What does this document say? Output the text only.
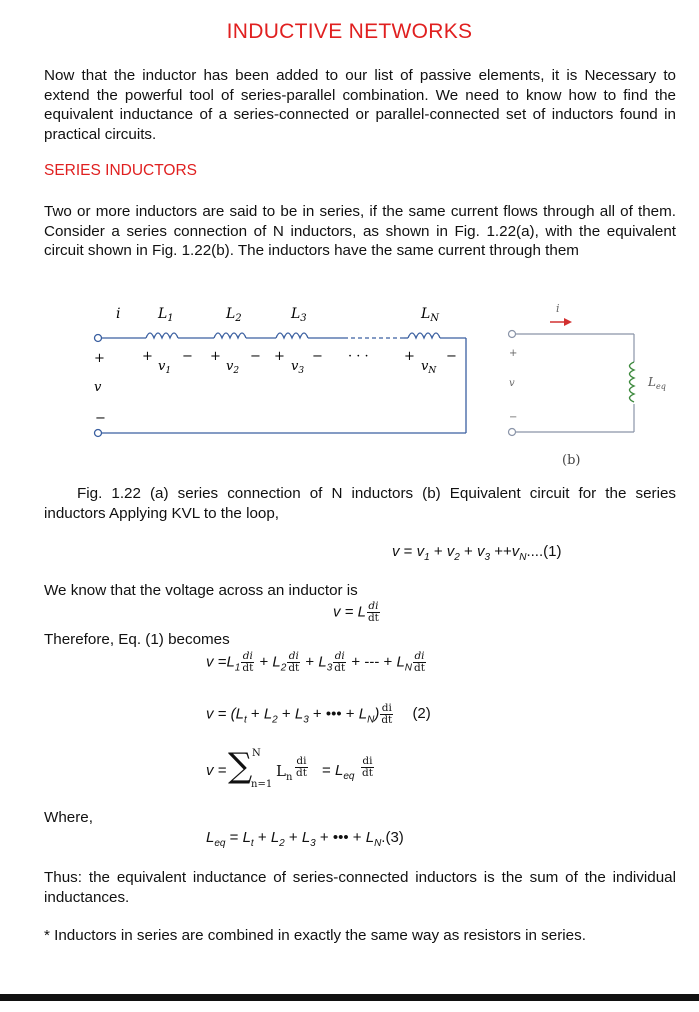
INDUCTIVE NETWORKS
Now that the inductor has been added to our list of passive elements, it is Necessary to extend the powerful tool of series-parallel combination. We need to know how to find the equivalent inductance of a series-connected or parallel-connected set of inductors found in practical circuits.
SERIES INDUCTORS
Two or more inductors are said to be in series, if the same current flows through all of them. Consider a series connection of N inductors, as shown in Fig. 1.22(a), with the equivalent circuit shown in Fig. 1.22(b). The inductors have the same current through them
i	$L_1$	$L_2$	$L_3$	$L_N$
+	+ − + − + − · · ·	+ −
−
$v_1$	$v_2$	$v_3$	$v_N$
v
i
+
v
−
$L_{eq}$
(b)
Fig. 1.22 (a) series connection of N inductors (b) Equivalent circuit for the series inductors Applying KVL to the loop,
$v = v_1 + v_2 + v_3 ++v_N....(1)$
We know that the voltage across an inductor is
v = L $\frac{di}{dt}$
Therefore, Eq. (1) becomes
$v =L_1 \frac{di}{dt} + L_2 \frac{di}{dt} + L_3 \frac{di}{dt}$ + --- + $L_N \frac{di}{dt}$
$v = (L_t + L_2 + L_3$ + ••• + $L_N) \frac{di}{dt} (2)$
v = ∑ N
n=1
$L_n \frac{di}{dt} = L_{eq} \frac{di}{dt}$
Where,
$L_{eq} = L_t + L_2 + L_3$ + ••• + $L_N.(3)$
Thus: the equivalent inductance of series-connected inductors is the sum of the individual inductances.
* Inductors in series are combined in exactly the same way as resistors in series.
